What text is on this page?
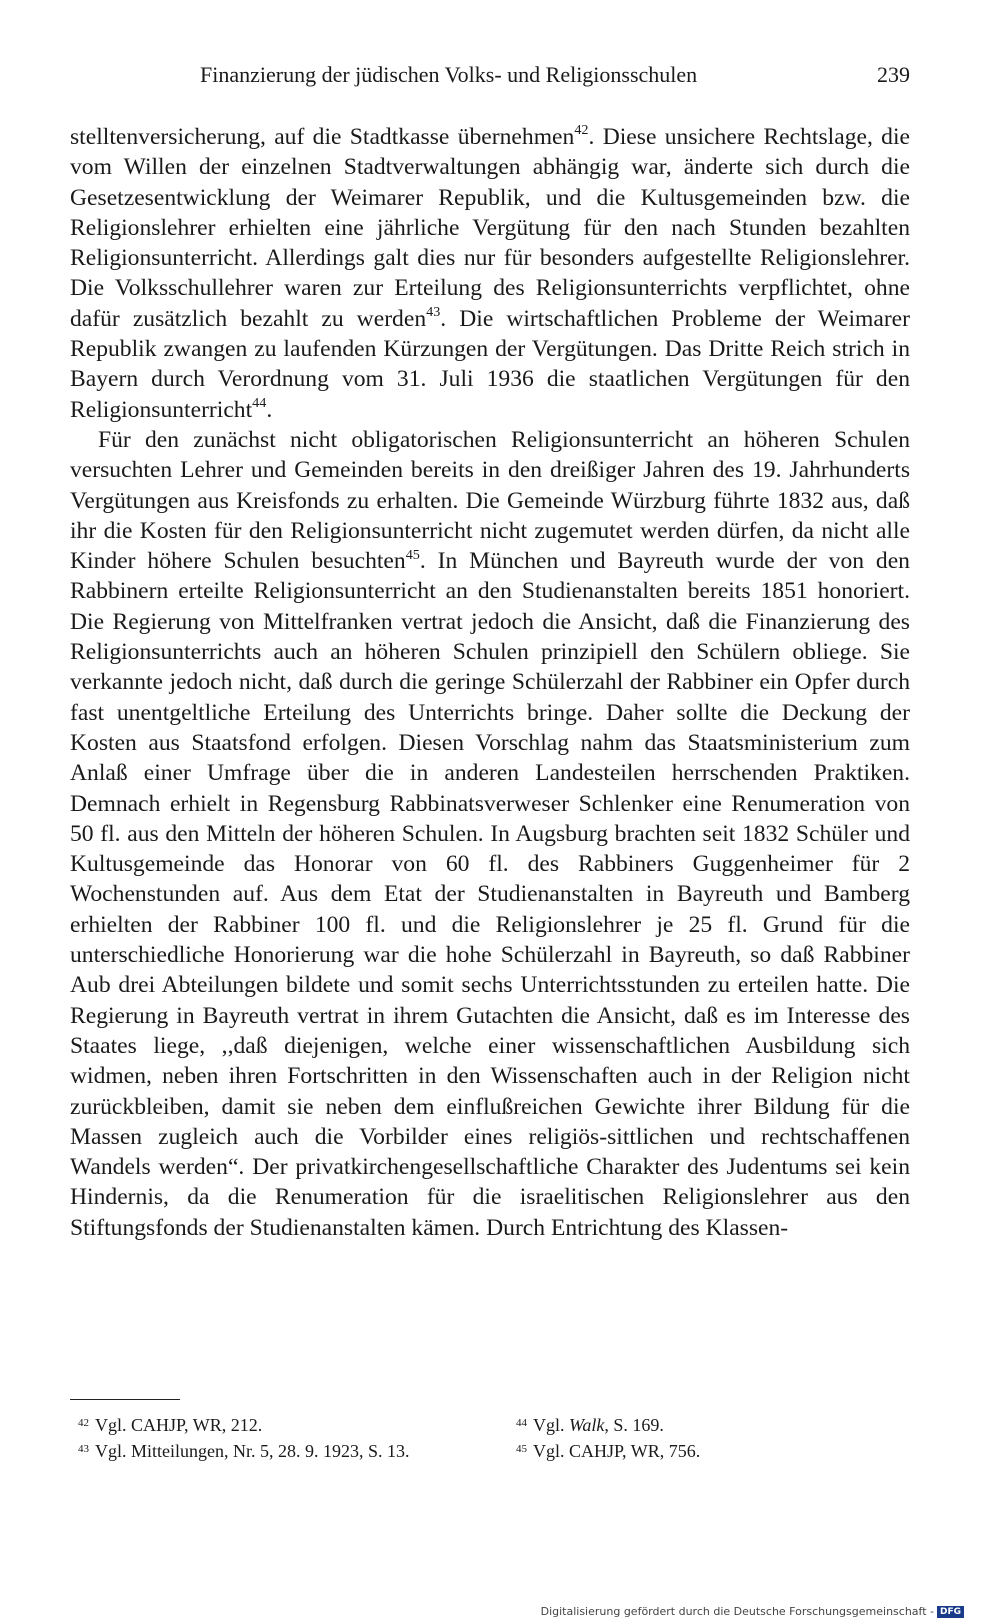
Finanzierung der jüdischen Volks- und Religionsschulen	239

stelltenversicherung, auf die Stadtkasse übernehmen$^{42}$. Diese unsichere Rechtslage, die vom Willen der einzelnen Stadtverwaltungen abhängig war, änderte sich durch die Gesetzesentwicklung der Weimarer Republik, und die Kultusgemeinden bzw. die Religionslehrer erhielten eine jährliche Vergütung für den nach Stunden bezahlten Religionsunterricht. Allerdings galt dies nur für besonders aufgestellte Religionslehrer. Die Volksschullehrer waren zur Erteilung des Religionsunterrichts verpflichtet, ohne dafür zusätzlich bezahlt zu werden$^{43}$. Die wirtschaftlichen Probleme der Weimarer Republik zwangen zu laufenden Kürzungen der Vergütungen. Das Dritte Reich strich in Bayern durch Verordnung vom 31. Juli 1936 die staatlichen Vergütungen für den Religionsunterricht$^{44}$.

Für den zunächst nicht obligatorischen Religionsunterricht an höheren Schulen versuchten Lehrer und Gemeinden bereits in den dreißiger Jahren des 19. Jahrhunderts Vergütungen aus Kreisfonds zu erhalten. Die Gemeinde Würzburg führte 1832 aus, daß ihr die Kosten für den Religionsunterricht nicht zugemutet werden dürfen, da nicht alle Kinder höhere Schulen besuchten$^{45}$. In München und Bayreuth wurde der von den Rabbinern erteilte Religionsunterricht an den Studienanstalten bereits 1851 honoriert. Die Regierung von Mittelfranken vertrat jedoch die Ansicht, daß die Finanzierung des Religionsunterrichts auch an höheren Schulen prinzipiell den Schülern obliege. Sie verkannte jedoch nicht, daß durch die geringe Schülerzahl der Rabbiner ein Opfer durch fast unentgeltliche Erteilung des Unterrichts bringe. Daher sollte die Deckung der Kosten aus Staatsfond erfolgen. Diesen Vorschlag nahm das Staatsministerium zum Anlaß einer Umfrage über die in anderen Landesteilen herrschenden Praktiken. Demnach erhielt in Regensburg Rabbinatsverweser Schlenker eine Renumeration von 50 fl. aus den Mitteln der höheren Schulen. In Augsburg brachten seit 1832 Schüler und Kultusgemeinde das Honorar von 60 fl. des Rabbiners Guggenheimer für 2 Wochenstunden auf. Aus dem Etat der Studienanstalten in Bayreuth und Bamberg erhielten der Rabbiner 100 fl. und die Religionslehrer je 25 fl. Grund für die unterschiedliche Honorierung war die hohe Schülerzahl in Bayreuth, so daß Rabbiner Aub drei Abteilungen bildete und somit sechs Unterrichtsstunden zu erteilen hatte. Die Regierung in Bayreuth vertrat in ihrem Gutachten die Ansicht, daß es im Interesse des Staates liege, ,,daß diejenigen, welche einer wissenschaftlichen Ausbildung sich widmen, neben ihren Fortschritten in den Wissenschaften auch in der Religion nicht zurückbleiben, damit sie neben dem einflußreichen Gewichte ihrer Bildung für die Massen zugleich auch die Vorbilder eines religiös-sittlichen und rechtschaffenen Wandels werden“. Der privatkirchengesellschaftliche Charakter des Judentums sei kein Hindernis, da die Renumeration für die israelitischen Religionslehrer aus den Stiftungsfonds der Studienanstalten kämen. Durch Entrichtung des Klassen-

$^{42}$ Vgl. CAHJP, WR, 212.
$^{43}$ Vgl. Mitteilungen, Nr. 5, 28. 9. 1923, S. 13.
$^{44}$ Vgl. Walk, S. 169.
$^{45}$ Vgl. CAHJP, WR, 756.
Digitalisierung gefördert durch die Deutsche Forschungsgemeinschaft - DFG
